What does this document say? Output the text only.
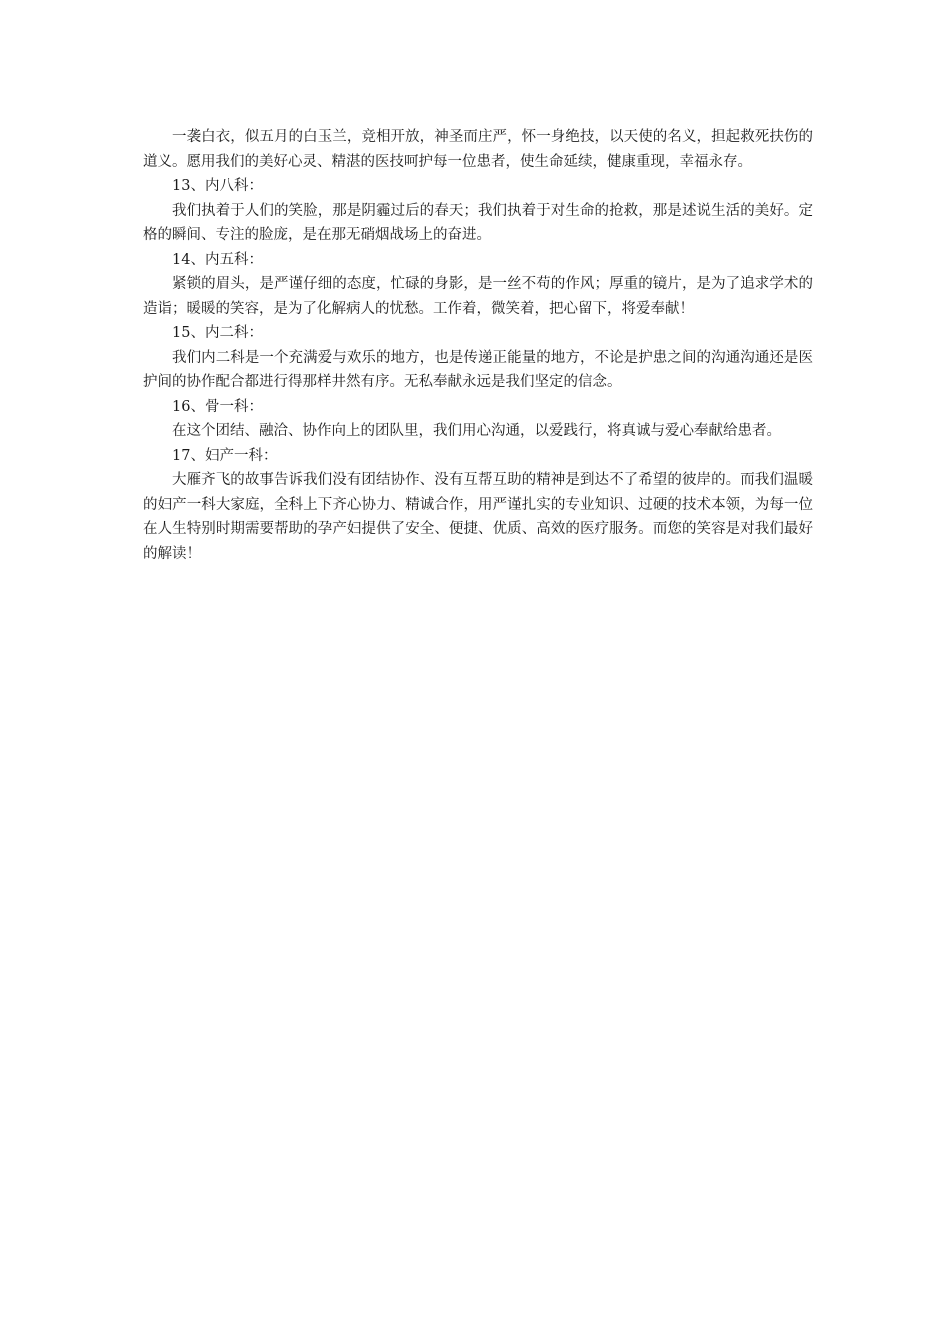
一袭白衣，似五月的白玉兰，竞相开放，神圣而庄严，怀一身绝技，以天使的名义，担起救死扶伤的道义。愿用我们的美好心灵、精湛的医技呵护每一位患者，使生命延续，健康重现，幸福永存。

13、内八科：

我们执着于人们的笑脸，那是阴霾过后的春天；我们执着于对生命的抢救，那是述说生活的美好。定格的瞬间、专注的脸庞，是在那无硝烟战场上的奋进。

14、内五科：

紧锁的眉头，是严谨仔细的态度，忙碌的身影，是一丝不苟的作风；厚重的镜片，是为了追求学术的造诣；暖暖的笑容，是为了化解病人的忧愁。工作着，微笑着，把心留下，将爱奉献！

15、内二科：

我们内二科是一个充满爱与欢乐的地方，也是传递正能量的地方，不论是护患之间的沟通沟通还是医护间的协作配合都进行得那样井然有序。无私奉献永远是我们坚定的信念。

16、骨一科：

在这个团结、融洽、协作向上的团队里，我们用心沟通，以爱践行，将真诚与爱心奉献给患者。

17、妇产一科：

大雁齐飞的故事告诉我们没有团结协作、没有互帮互助的精神是到达不了希望的彼岸的。而我们温暖的妇产一科大家庭，全科上下齐心协力、精诚合作，用严谨扎实的专业知识、过硬的技术本领，为每一位在人生特别时期需要帮助的孕产妇提供了安全、便捷、优质、高效的医疗服务。而您的笑容是对我们最好的解读！
